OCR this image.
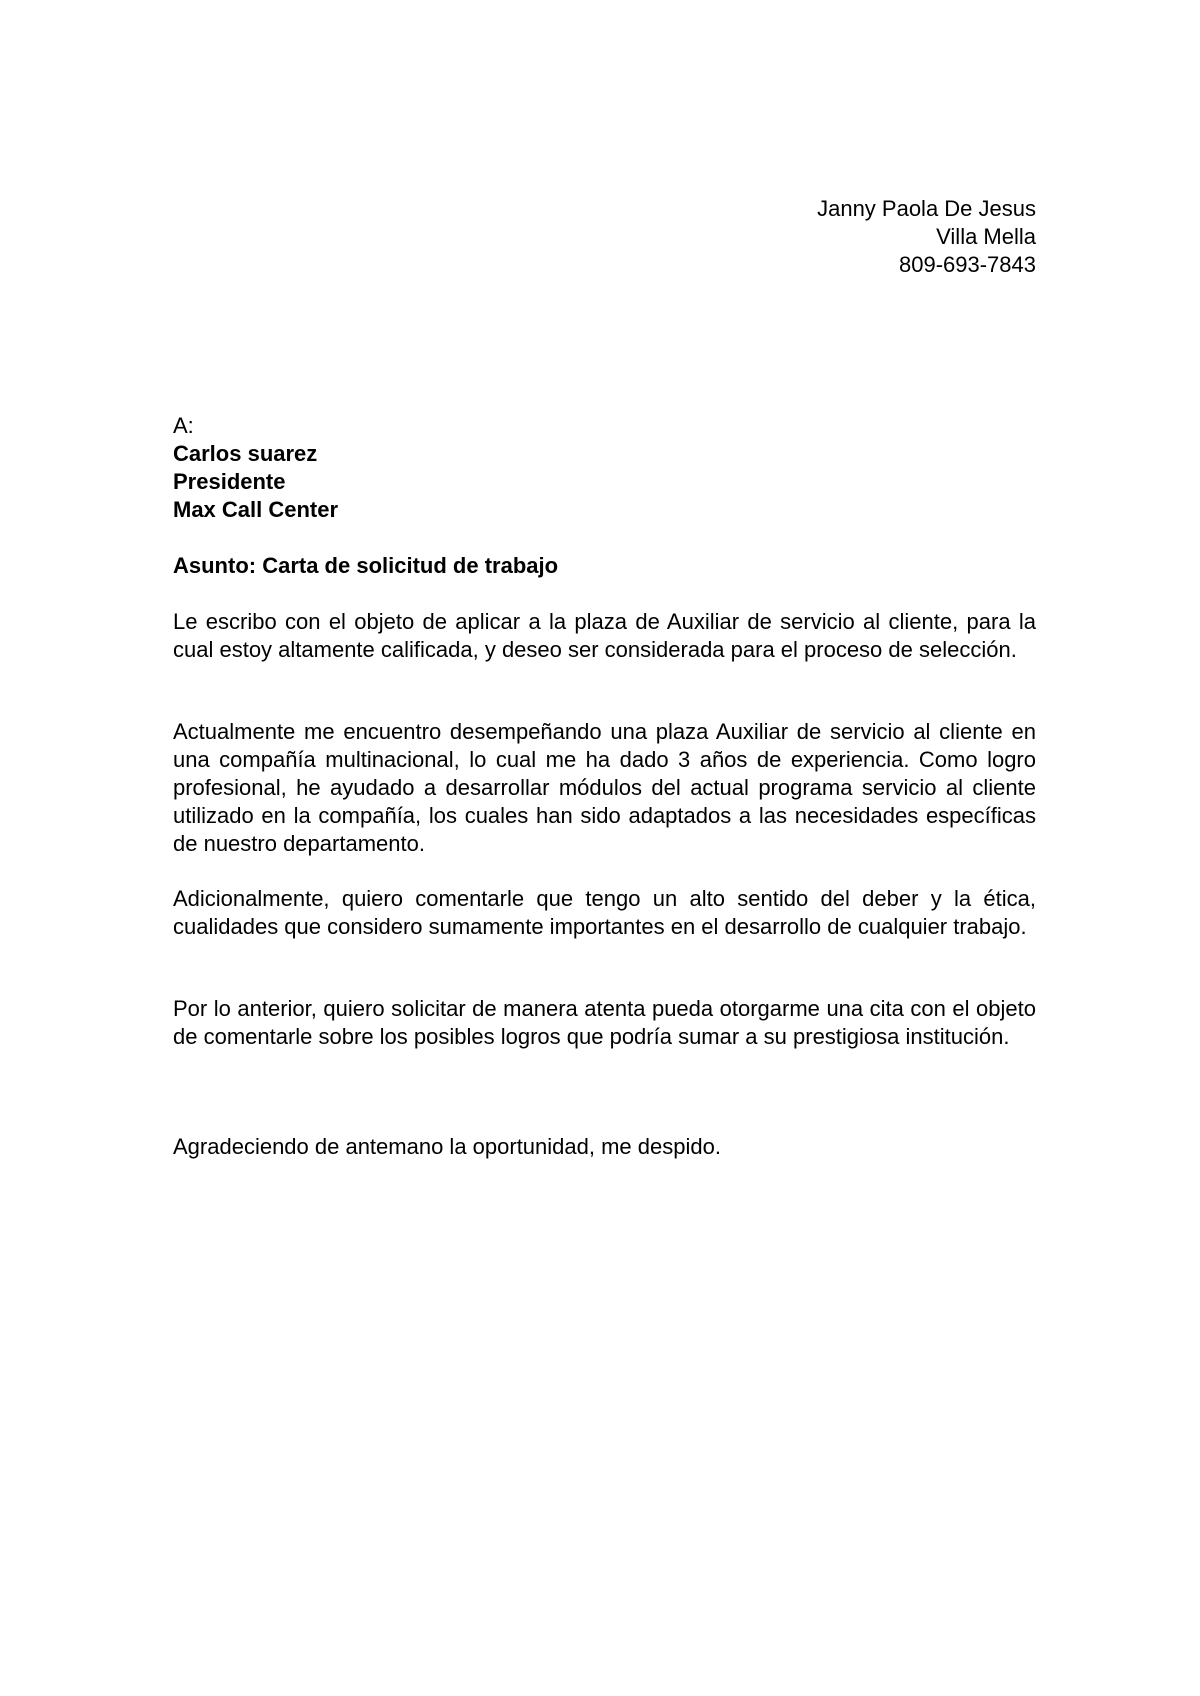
Janny Paola De Jesus
Villa Mella
809-693-7843
A:
Carlos suarez
Presidente
Max Call Center
Asunto: Carta de solicitud de trabajo
Le escribo con el objeto de aplicar a la plaza de Auxiliar de servicio al cliente, para la cual estoy altamente calificada, y deseo ser considerada para el proceso de selección.
Actualmente me encuentro desempeñando una plaza Auxiliar de servicio al cliente en una compañía multinacional, lo cual me ha dado 3 años de experiencia. Como logro profesional, he ayudado a desarrollar módulos del actual programa servicio al cliente utilizado en la compañía, los cuales han sido adaptados a las necesidades específicas de nuestro departamento.
Adicionalmente, quiero comentarle que tengo un alto sentido del deber y la ética, cualidades que considero sumamente importantes en el desarrollo de cualquier trabajo.
Por lo anterior, quiero solicitar de manera atenta pueda otorgarme una cita con el objeto de comentarle sobre los posibles logros que podría sumar a su prestigiosa institución.
Agradeciendo de antemano la oportunidad, me despido.
